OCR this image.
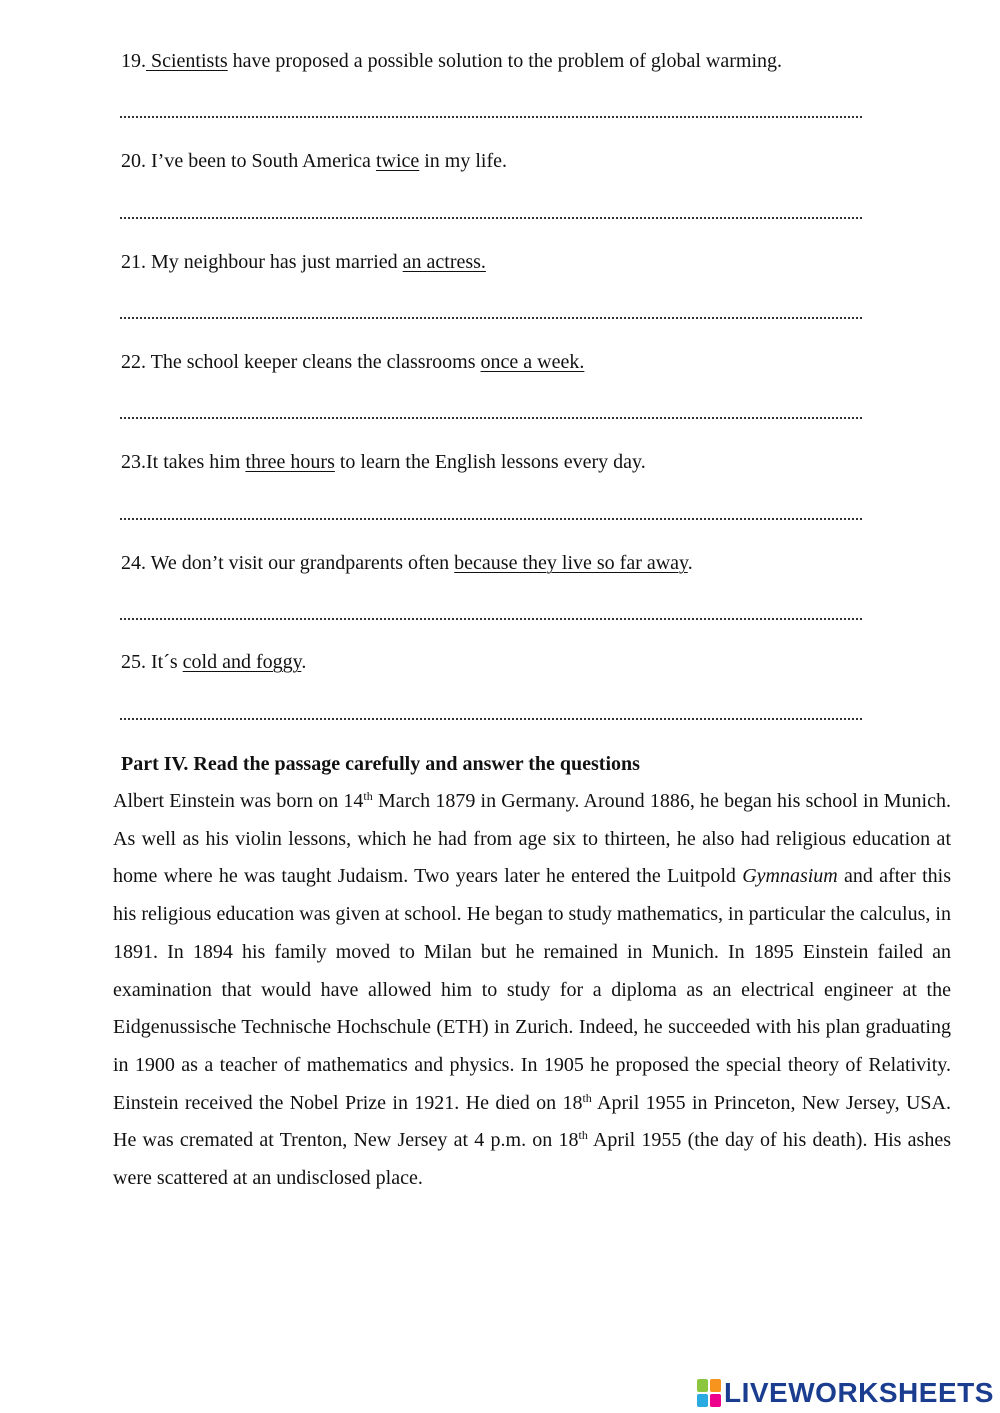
19. Scientists have proposed a possible solution to the problem of global warming.
20. I’ve been to South America twice in my life.
21. My neighbour has just married an actress.
22. The school keeper cleans the classrooms once a week.
23.It takes him three hours to learn the English lessons every day.
24. We don’t visit our grandparents often because they live so far away.
25. It´s cold and foggy.
Part IV. Read the passage carefully and answer the questions
Albert Einstein was born on 14th March 1879 in Germany. Around 1886, he began his school in Munich. As well as his violin lessons, which he had from age six to thirteen, he also had religious education at home where he was taught Judaism. Two years later he entered the Luitpold Gymnasium and after this his religious education was given at school. He began to study mathematics, in particular the calculus, in 1891. In 1894 his family moved to Milan but he remained in Munich. In 1895 Einstein failed an examination that would have allowed him to study for a diploma as an electrical engineer at the Eidgenussische Technische Hochschule (ETH) in Zurich. Indeed, he succeeded with his plan graduating in 1900 as a teacher of mathematics and physics. In 1905 he proposed the special theory of Relativity. Einstein received the Nobel Prize in 1921. He died on 18th April 1955 in Princeton, New Jersey, USA. He was cremated at Trenton, New Jersey at 4 p.m. on 18th April 1955 (the day of his death). His ashes were scattered at an undisclosed place.
LIVEWORKSHEETS
